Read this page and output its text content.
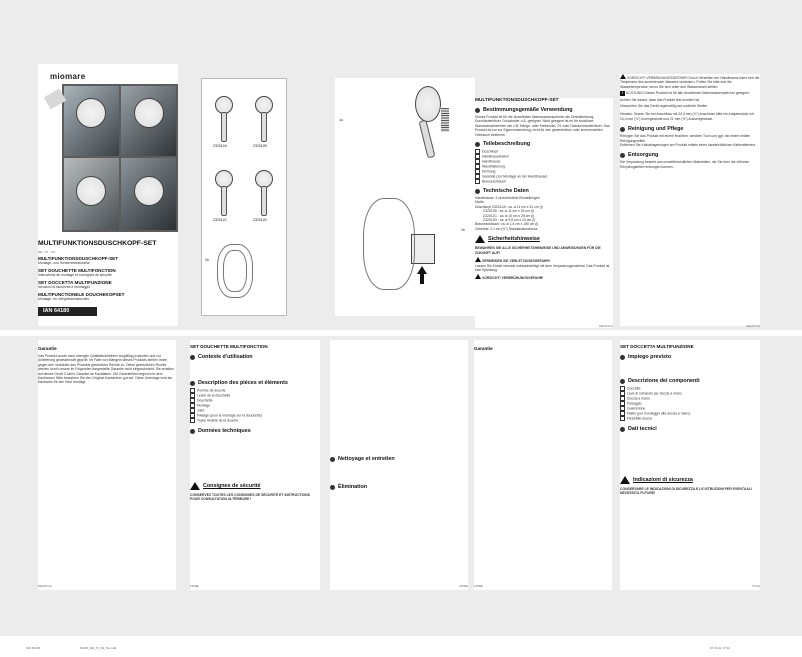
miomare
MULTIFUNKTIONSDUSCHKOPF-SET
DE · AT · CH
MULTIFUNKTIONSDUSCHKOPF-SET
Montage- und Sicherheitshinweise
SET DOUCHETTE MULTIFONCTION
Instructions de montage et consignes de sécurité
SET DOCCETTA MULTIFUNZIONE
Istruzioni di sicurezza e montaggio
MULTIFUNCTIONELE DOUCHEKOPSET
Montage- en veiligheidsinstructies
IAN 64180
Z32012A	Z32012B
Z32012C	Z32012D
2a
1a
1b
MULTIFUNKTIONSDUSCHKOPF-SET
Bestimmungsgemäße Verwendung
Dieses Produkt ist für die druckfesten Warmwasserspeicher als Zentralheizung, Durchlauferhitzer, Druckboiler o.Ä. geeignet. Nicht geeignet ist es für drucklose Warmwasserbereiter wie z.B. Hänge- oder Kleinboiler, Öl- oder Gasdurchlauferhitzer. Das Produkt ist nur zur Eigenverwendung, nicht für den gewerblichen oder kommerziellen Gebrauch bestimmt.
Teilebeschreibung
Duschkopf
Handbrausehebel
Handbrause
Wandhalterung
Dichtung
Gewinde (zur Montage an der Handbrause)
Brauseschlauch
Technische Daten
Handbrause: 3 verschiedene Einstellungen
Maße:
Duschkopf Z32012A : ca. ø 11 cm x 24 cm (l)
Z32012B : ca. ø 11 cm x 25 cm (l)
Z32012C : ca. ø 10 cm x 25 cm (l)
Z32012D : ca. ø 9,8 cm x 24 cm (l)
Brauseschlauch: ca. ø 1,4 cm x 150 cm (l)
Gewinde: 2,1 cm (½") Standardanschluss
Sicherheitshinweise
BEWAHREN SIE ALLE SICHERHEITSHINWEISE UND ANWEISUNGEN FÜR DIE ZUKUNFT AUF!
VERMEIDEN SIE VERLETZUNGSGEFAHR!
Lassen Sie Kinder niemals unbeaufsichtigt mit dem Verpackungsmaterial. Das Produkt ist kein Spielzeug.
VORSICHT! VERBRÜHUNGSGEFAHR!
DE/AT/CH
VORSICHT! VERBRÜHUNGSGEFAHR! Durch Verstellen der Handbrause kann sich die Temperatur des austretenden Wassers verändern. Prüfen Sie bitte erst die Wassertemperatur, bevor Sie sich unter den Wasserstrahl stellen.
! ACHTUNG! Dieses Produkt ist für alle druckfesten Warmwasserspeicher geeignet.
Achten Sie darauf, dass das Produkt fest montiert ist.
Überprüfen Sie das Gerät regelmäßig auf undichte Stellen.
Hinweis: Setzen Sie bei Anschluss mit 24,4 mm (¾") Anschluss bitte ein Adapterstück mit 24,4 mm (¾") Innengewinde und 21 mm (½") Aussengewinde.
Reinigung und Pflege
Reinigen Sie das Produkt mit einem feuchten, weichen Tuch und ggf. mit einem milden Reinigungsmittel.
Entfernen Sie Kalkablagerungen am Produkt mittels eines handelsüblichen Kalkentferners.
Entsorgung
Die Verpackung besteht aus umweltfreundlichen Materialien, die Sie über die örtlichen Recyclingstellen entsorgen können.
DE/AT/CH
Garantie
Das Produkt wurde nach strengen Qualitätsrichtlinien sorgfältig produziert und vor Anlieferung gewissenhaft geprüft. Im Falle von Mängeln dieses Produkts stehen Ihnen gegen den Verkäufer des Produkts gesetzliche Rechte zu. Diese gesetzlichen Rechte werden durch unsere im Folgenden dargestellte Garantie nicht eingeschränkt. Sie erhalten auf dieses Gerät 3 Jahre Garantie ab Kaufdatum. Die Garantiefrist beginnt mit dem Kaufdatum. Bitte bewahren Sie den Original-Kassenbon gut auf. Diese Unterlage wird als Nachweis für den Kauf benötigt.
DE/AT/CH
SET DOUCHETTE MULTIFONCTION
Contexte d'utilisation
Description des pièces et éléments
Pomme de douche
Levier de la douchette
Douchette
Montage
Joint
Filetage (pour le montage sur la douchette)
Tuyau flexible de la douche
Données techniques
Consignes de sécurité
CONSERVEZ TOUTES LES CONSIGNES DE SÉCURITÉ ET INSTRUCTIONS POUR CONSULTATION ULTÉRIEURE !
FR/BE
Nettoyage et entretien
Élimination
FR/BE
Garantie
FR/BE
SET DOCCETTA MULTIFUNZIONE
Impiego previsto
Descrizione dei componenti
Doccetta
Leva di comando per doccia a mano
Doccia a mano
Fissaggio
Guarnizione
Filetto (per montaggio alla doccia a mano)
Flessibile doccia
Dati tecnici
Indicazioni di sicurezza
CONSERVARE LE INDICAZIONI DI SICUREZZA E LE ISTRUZIONI PER EVENTUALI NECESSITÀ FUTURE!
IT/CH
IAN 64180	64180_DE_IT_FR_NL.indd	07.09.11 17:02
